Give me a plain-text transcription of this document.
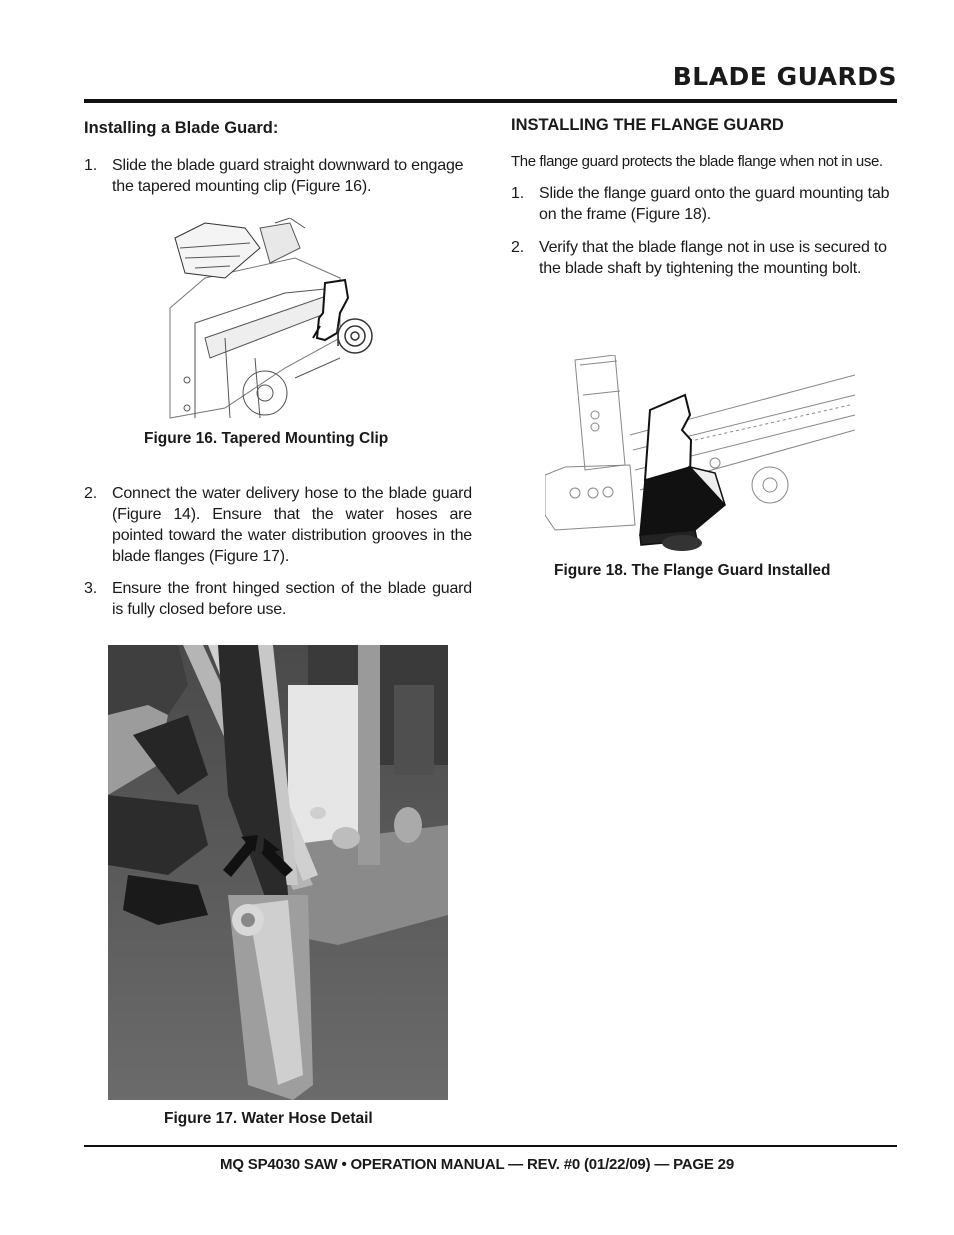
BLADE GUARDS

Installing a Blade Guard:

1. Slide the blade guard straight downward to engage the tapered mounting clip (Figure 16).
Figure 16. Tapered Mounting Clip
2. Connect the water delivery hose to the blade guard (Figure 14). Ensure that the water hoses are pointed toward the water distribution grooves in the blade flanges (Figure 17).
3. Ensure the front hinged section of the blade guard is fully closed before use.
Figure 17. Water Hose Detail

INSTALLING THE FLANGE GUARD

The flange guard protects the blade flange when not in use.

1. Slide the flange guard onto the guard mounting tab on the frame (Figure 18).
2. Verify that the blade flange not in use is secured to the blade shaft by tightening the mounting bolt.
Figure 18. The Flange Guard Installed
MQ SP4030 SAW • OPERATION MANUAL — REV. #0 (01/22/09) — PAGE 29
